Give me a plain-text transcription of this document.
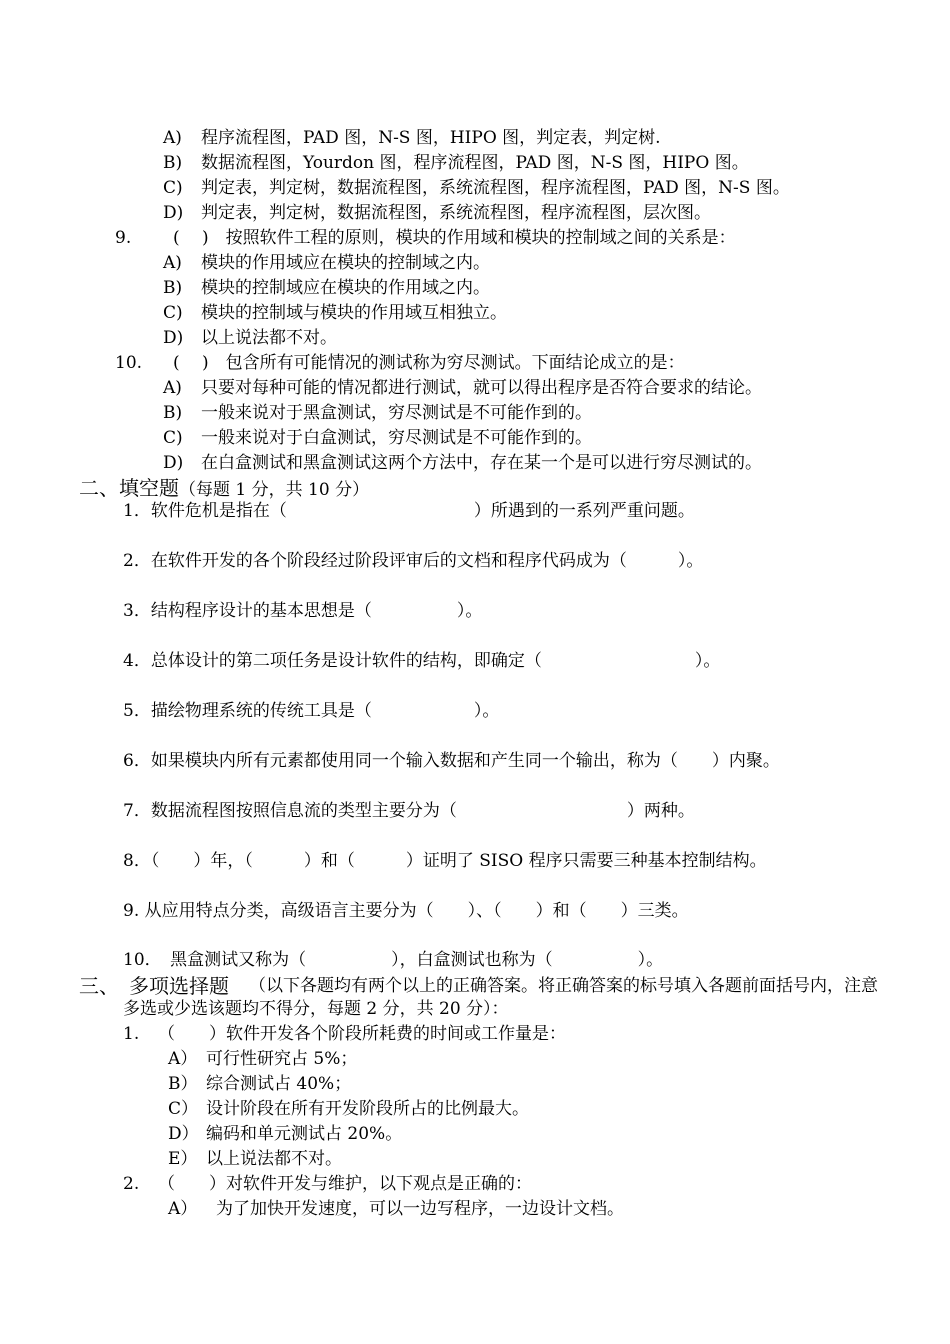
A) 程序流程图，PAD 图，N-S 图，HIPO 图，判定表，判定树.
B) 数据流程图，Yourdon 图，程序流程图，PAD 图，N-S 图，HIPO 图。
C) 判定表，判定树，数据流程图，系统流程图，程序流程图，PAD 图，N-S 图。
D) 判定表，判定树，数据流程图，系统流程图，程序流程图，层次图。
9. (　 )　按照软件工程的原则，模块的作用域和模块的控制域之间的关系是：
A) 模块的作用域应在模块的控制域之内。
B) 模块的控制域应在模块的作用域之内。
C) 模块的控制域与模块的作用域互相独立。
D) 以上说法都不对。
10. (　 )　包含所有可能情况的测试称为穷尽测试。下面结论成立的是：
A) 只要对每种可能的情况都进行测试，就可以得出程序是否符合要求的结论。
B) 一般来说对于黑盒测试，穷尽测试是不可能作到的。
C) 一般来说对于白盒测试，穷尽测试是不可能作到的。
D) 在白盒测试和黑盒测试这两个方法中，存在某一个是可以进行穷尽测试的。
二、填空题（每题 1 分，共 10 分）
1．软件危机是指在（　　　　　　　　　　　）所遇到的一系列严重问题。
2．在软件开发的各个阶段经过阶段评审后的文档和程序代码成为（　　　）。
3．结构程序设计的基本思想是（　　　　　）。
4．总体设计的第二项任务是设计软件的结构，即确定（　　　　　　　　　）。
5．描绘物理系统的传统工具是（　　　　　　）。
6．如果模块内所有元素都使用同一个输入数据和产生同一个输出，称为（　　）内聚。
7．数据流程图按照信息流的类型主要分为（　　　　　　　　　　）两种。
8．（　　）年，（　　　）和（　　　）证明了 SISO 程序只需要三种基本控制结构。
9. 从应用特点分类，高级语言主要分为（　　）、（　　）和（　　）三类。
10．　黑盒测试又称为（　　　　　），白盒测试也称为（　　　　　）。
三、　多项选择题	（以下各题均有两个以上的正确答案。将正确答案的标号填入各题前面括号内，注意多选或少选该题均不得分，每题 2 分，共 20 分）：
1. （　　）软件开发各个阶段所耗费的时间或工作量是：
A） 可行性研究占 5%；
B） 综合测试占 40%；
C） 设计阶段在所有开发阶段所占的比例最大。
D） 编码和单元测试占 20%。
E） 以上说法都不对。
2. （　　）对软件开发与维护，以下观点是正确的：
A） 为了加快开发速度，可以一边写程序，一边设计文档。
